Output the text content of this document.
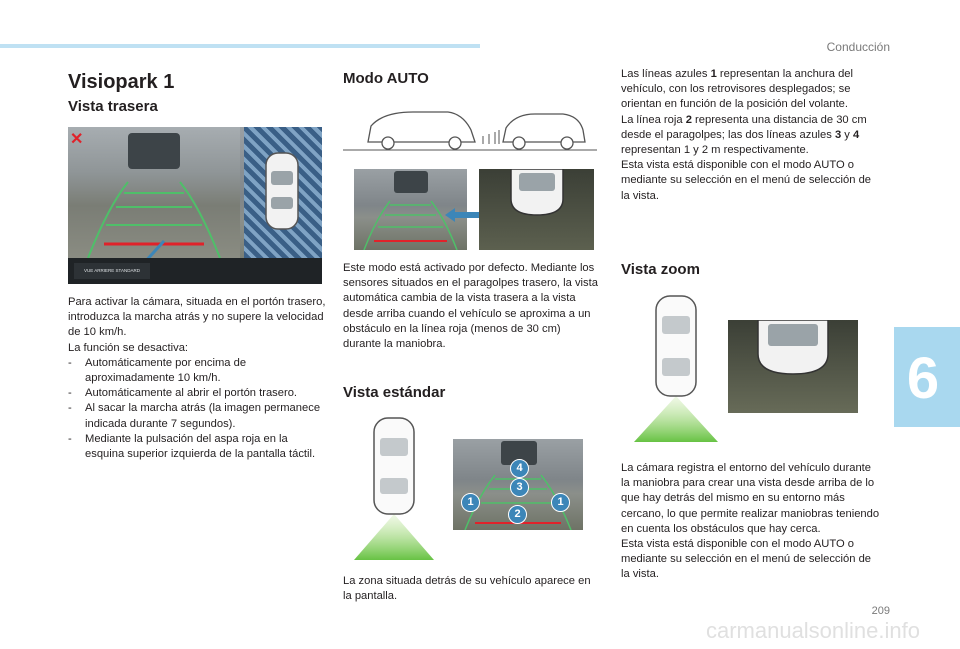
Conducción
6
209
carmanualsonline.info
Visiopark 1
Vista trasera
✕
VUE ARRIERE STANDARD

Para activar la cámara, situada en el portón trasero, introduzca la marcha atrás y no supere la velocidad de 10 km/h.

La función se desactiva:

- Automáticamente por encima de aproximadamente 10 km/h.
- Automáticamente al abrir el portón trasero.
- Al sacar la marcha atrás (la imagen permanece indicada durante 7 segundos).
- Mediante la pulsación del aspa roja en la esquina superior izquierda de la pantalla táctil.
Modo AUTO
Este modo está activado por defecto. Mediante los sensores situados en el paragolpes trasero, la vista automática cambia de la vista trasera a la vista desde arriba cuando el vehículo se aproxima a un obstáculo en la línea roja (menos de 30 cm) durante la maniobra.
Vista estándar
4
3
1	1
2
La zona situada detrás de su vehículo aparece en la pantalla.

Las líneas azules 1 representan la anchura del vehículo, con los retrovisores desplegados; se orientan en función de la posición del volante.

La línea roja 2 representa una distancia de 30 cm desde el paragolpes; las dos líneas azules 3 y 4 representan 1 y 2 m respectivamente.

Esta vista está disponible con el modo AUTO o mediante su selección en el menú de selección de la vista.

Vista zoom

La cámara registra el entorno del vehículo durante la maniobra para crear una vista desde arriba de lo que hay detrás del mismo en su entorno más cercano, lo que permite realizar maniobras teniendo en cuenta los obstáculos que hay cerca.

Esta vista está disponible con el modo AUTO o mediante su selección en el menú de selección de la vista.
